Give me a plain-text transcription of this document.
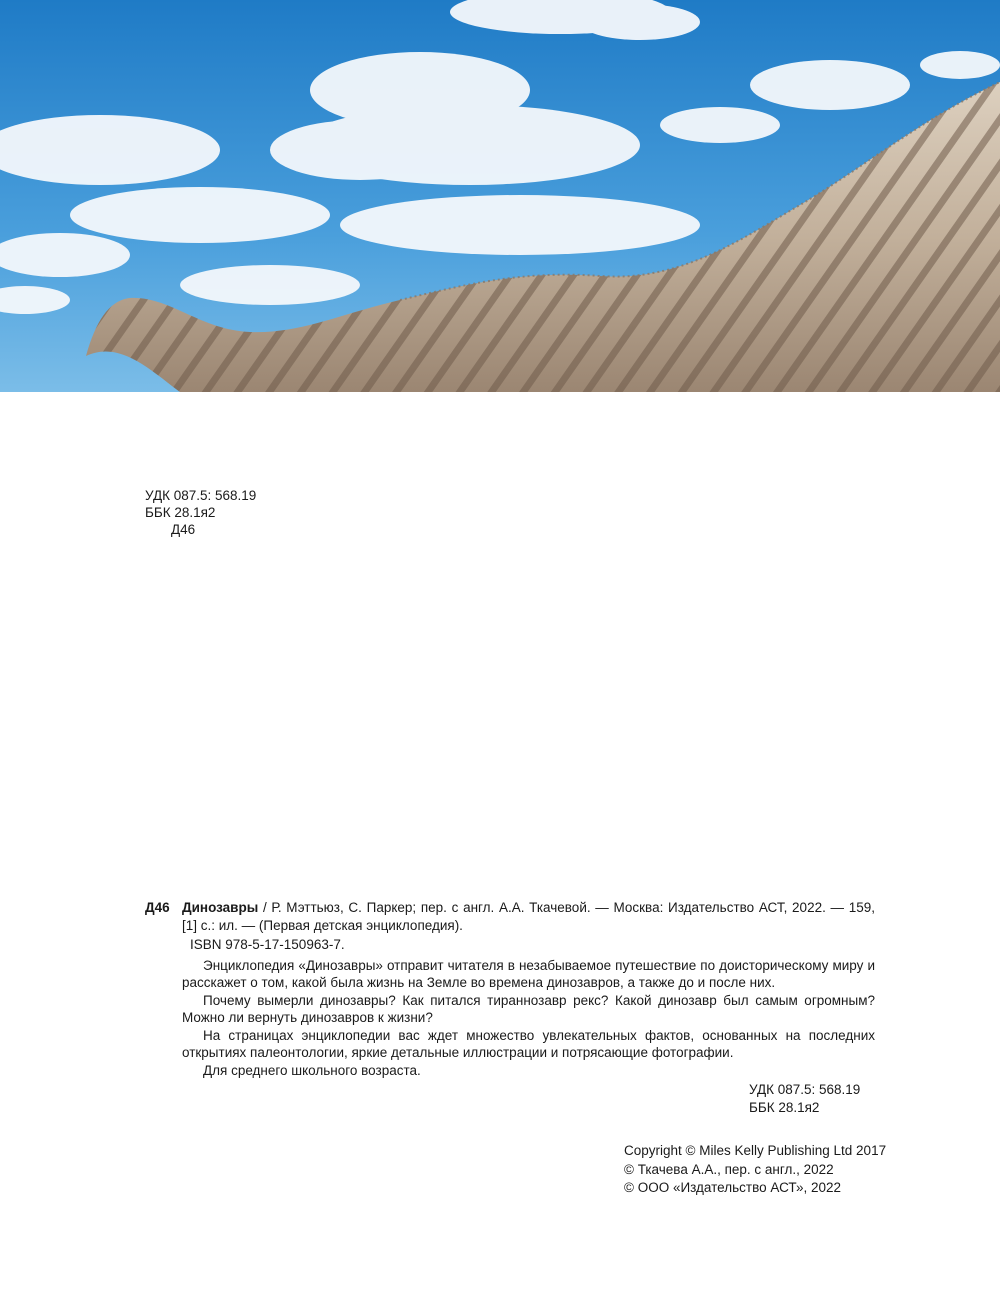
УДК 087.5: 568.19
ББК 28.1я2
Д46
Д46 Динозавры / Р. Мэттьюз, С. Паркер; пер. с англ. А.А. Ткачевой. — Москва: Издательство АСТ, 2022. — 159, [1] с.: ил. — (Первая детская энциклопедия).
ISBN 978-5-17-150963-7.
Энциклопедия «Динозавры» отправит читателя в незабываемое путешествие по доисторическому миру и расскажет о том, какой была жизнь на Земле во времена динозавров, а также до и после них.
Почему вымерли динозавры? Как питался тираннозавр рекс? Какой динозавр был самым огромным? Можно ли вернуть динозавров к жизни?
На страницах энциклопедии вас ждет множество увлекательных фактов, основанных на последних открытиях палеонтологии, яркие детальные иллюстрации и потрясающие фотографии.
Для среднего школьного возраста.
УДК 087.5: 568.19
ББК 28.1я2
Copyright © Miles Kelly Publishing Ltd 2017
© Ткачева А.А., пер. с англ., 2022
© ООО «Издательство АСТ», 2022
